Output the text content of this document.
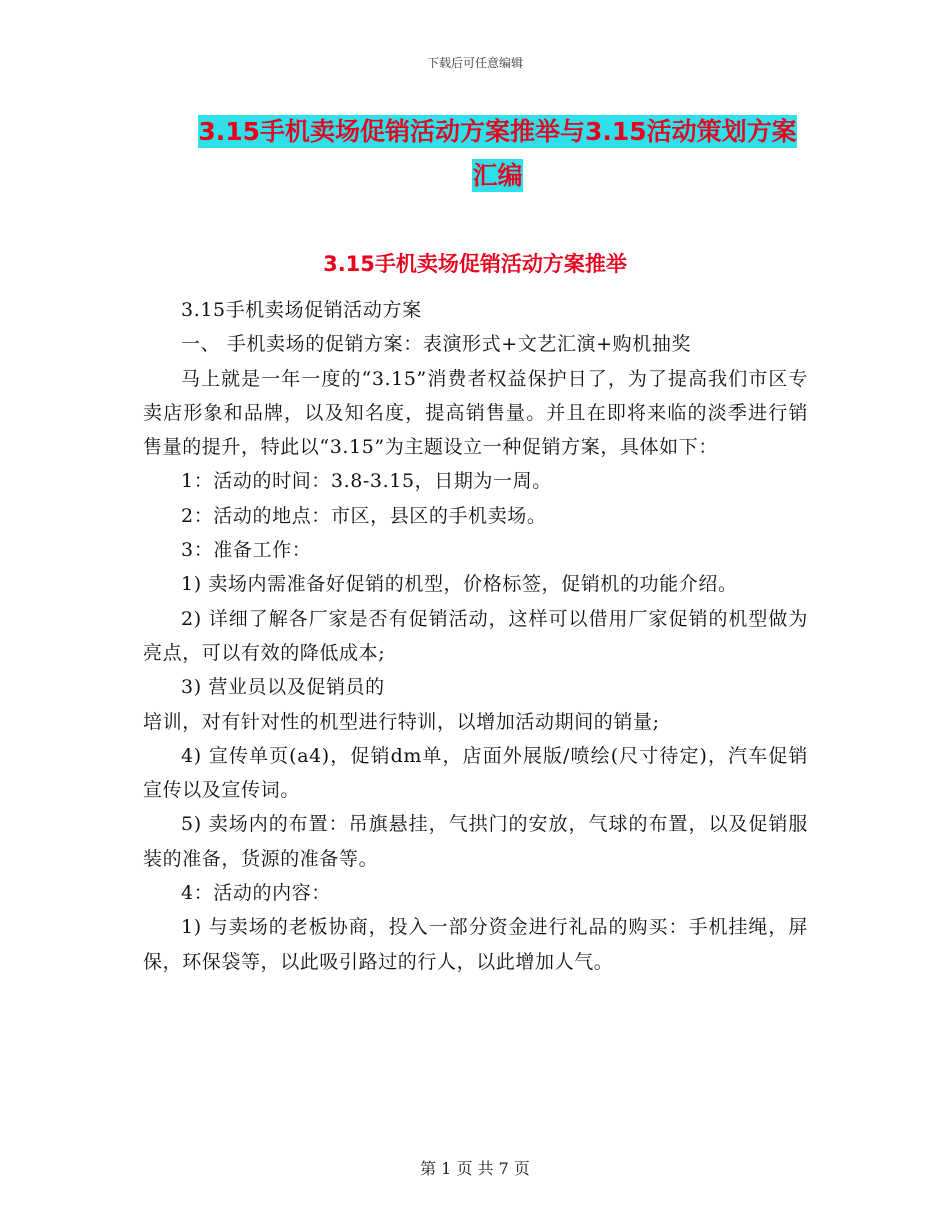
下载后可任意编辑
3.15手机卖场促销活动方案推举与3.15活动策划方案
汇编
3.15手机卖场促销活动方案推举

3.15手机卖场促销活动方案

一、 手机卖场的促销方案：表演形式+文艺汇演+购机抽奖

马上就是一年一度的“3.15”消费者权益保护日了，为了提高我们市区专卖店形象和品牌，以及知名度，提高销售量。并且在即将来临的淡季进行销售量的提升，特此以“3.15”为主题设立一种促销方案，具体如下：

1：活动的时间：3.8-3.15，日期为一周。

2：活动的地点：市区，县区的手机卖场。

3：准备工作：

1) 卖场内需准备好促销的机型，价格标签，促销机的功能介绍。

2) 详细了解各厂家是否有促销活动，这样可以借用厂家促销的机型做为亮点，可以有效的降低成本;

3) 营业员以及促销员的

培训，对有针对性的机型进行特训，以增加活动期间的销量;

4) 宣传单页(a4)，促销dm单，店面外展版/喷绘(尺寸待定)，汽车促销宣传以及宣传词。

5) 卖场内的布置：吊旗悬挂，气拱门的安放，气球的布置，以及促销服装的准备，货源的准备等。

4：活动的内容：

1) 与卖场的老板协商，投入一部分资金进行礼品的购买：手机挂绳，屏保，环保袋等，以此吸引路过的行人，以此增加人气。

第 1 页 共 7 页
